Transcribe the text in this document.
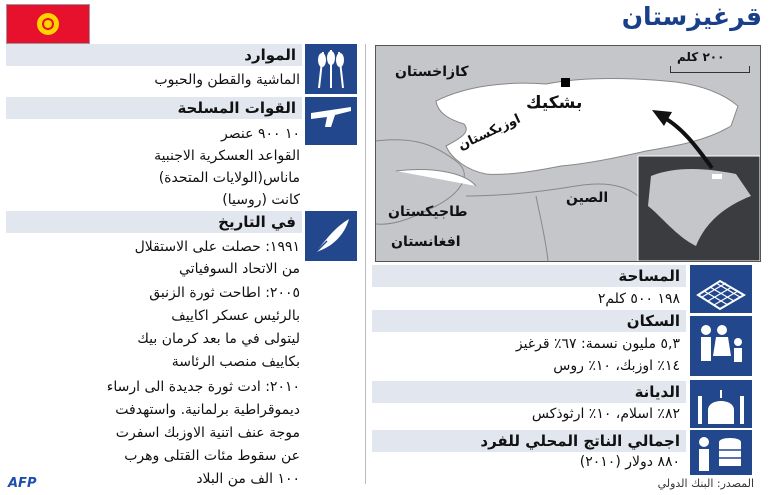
قرغيزستان
الموارد
الماشية والقطن والحبوب
القوات المسلحة
١٠ ٩٠٠ عنصر
القواعد العسكرية الاجنبية
ماناس(الولايات المتحدة)
كانت (روسيا)
في التاريخ
١٩٩١: حصلت على الاستقلال
من الاتحاد السوفياتي
٢٠٠٥: اطاحت ثورة الزنبق
بالرئيس عسكر اكاييف
ليتولى في ما بعد كرمان بيك
بكاييف منصب الرئاسة
٢٠١٠: ادت ثورة جديدة الى ارساء
ديموقراطية برلمانية. واستهدفت
موجة عنف اتنية الاوزبك اسفرت
عن سقوط مئات القتلى وهرب
١٠٠ الف من البلاد
٢٠٠ كلم
كازاخستان
اوزبكستان
بشكيك
طاجيكستان
افغانستان
الصين
المساحة
١٩٨ ٥٠٠ كلم٢
السكان
٥,٣ مليون نسمة: ٦٧٪ قرغيز
١٤٪ اوزبك، ١٠٪ روس
الديانة
٨٢٪ اسلام، ١٠٪ ارثوذكس
اجمالي الناتج المحلي للفرد
٨٨٠ دولار (٢٠١٠)
المصدر: البنك الدولي
AFP
